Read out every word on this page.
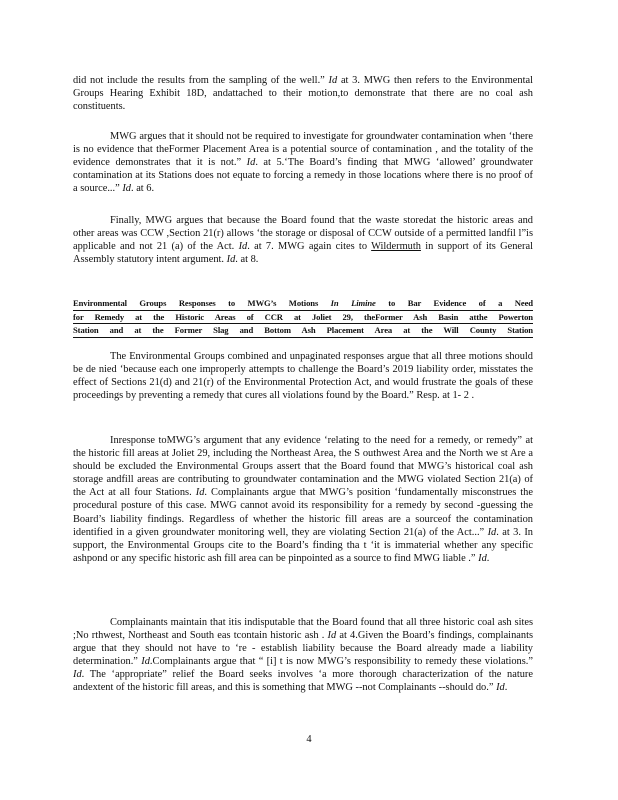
did not include the results from the sampling of the well.” Id at 3. MWG then refers to the Environmental Groups Hearing Exhibit 18D, andattached to their motion,to demonstrate that there are no coal ash constituents.

MWG argues that it should not be required to investigate for groundwater contamination when ‘there is no evidence that theFormer Placement Area is a potential source of contamination , and the totality of the evidence demonstrates that it is not.” Id. at 5.‘The Board’s finding that MWG ‘allowed’ groundwater contamination at its Stations does not equate to forcing a remedy in those locations where there is no proof of a source...” Id. at 6.

Finally, MWG argues that because the Board found that the waste storedat the historic areas and other areas was CCW ,Section 21(r) allows ‘the storage or disposal of CCW outside of a permitted landfil l”is applicable and not 21 (a) of the Act. Id. at 7. MWG again cites to Wildermuth in support of its General Assembly statutory intent argument. Id. at 8.

Environmental Groups Responses to MWG’s Motions In Limine to Bar Evidence of a Need
for Remedy at the Historic Areas of CCR at Joliet 29, theFormer Ash Basin atthe Powerton
Station and at the Former Slag and Bottom Ash Placement Area at the Will County Station

The Environmental Groups combined and unpaginated responses argue that all three motions should be de nied ‘because each one improperly attempts to challenge the Board’s 2019 liability order, misstates the effect of Sections 21(d) and 21(r) of the Environmental Protection Act, and would frustrate the goals of these proceedings by preventing a remedy that cures all violations found by the Board.” Resp. at 1- 2 .

Inresponse toMWG’s argument that any evidence ‘relating to the need for a remedy, or remedy” at the historic fill areas at Joliet 29, including the Northeast Area, the S outhwest Area and the North we st Are a should be excluded the Environmental Groups assert that the Board found that MWG’s historical coal ash storage andfill areas are contributing to groundwater contamination and the MWG violated Section 21(a) of the Act at all four Stations. Id. Complainants argue that MWG’s position ‘fundamentally misconstrues the procedural posture of this case. MWG cannot avoid its responsibility for a remedy by second -guessing the Board’s liability findings. Regardless of whether the historic fill areas are a sourceof the contamination identified in a given groundwater monitoring well, they are violating Section 21(a) of the Act...” Id. at 3. In support, the Environmental Groups cite to the Board’s finding tha t ‘it is immaterial whether any specific ashpond or any specific historic ash fill area can be pinpointed as a source to find MWG liable .” Id.

Complainants maintain that itis indisputable that the Board found that all three historic coal ash sites ;No rthwest, Northeast and South eas tcontain historic ash . Id at 4.Given the Board’s findings, complainants argue that they should not have to ‘re - establish liability because the Board already made a liability determination.” Id.Complainants argue that “ [i] t is now MWG’s responsibility to remedy these violations.” Id. The ‘appropriate” relief the Board seeks involves ‘a more thorough characterization of the nature andextent of the historic fill areas, and this is something that MWG --not Complainants --should do.” Id.

4
